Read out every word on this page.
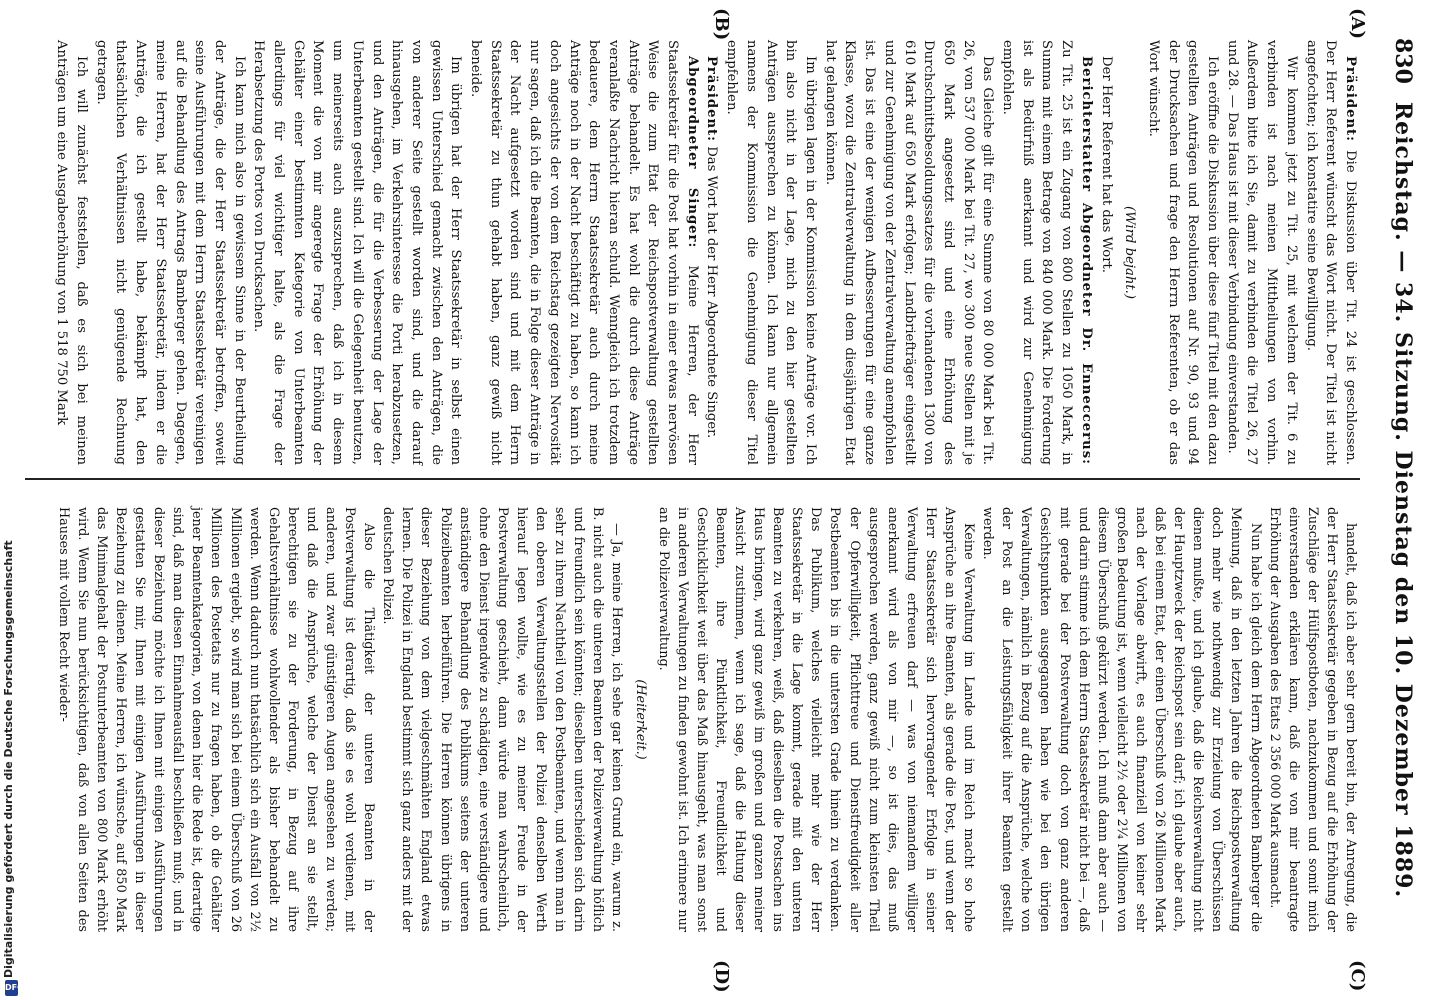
830
Reichstag. — 34. Sitzung. Dienstag den 10. Dezember 1889.
(A)
(B)
(C)
(D)

Präsident: Die Diskussion über Tit. 24 ist geschlossen. Der Herr Referent wünscht das Wort nicht. Der Titel ist nicht angefochten; ich konstatire seine Bewilligung.

Wir kommen jetzt zu Tit. 25, mit welchem der Tit. 6 zu verbinden ist nach meinen Mittheilungen von vorhin. Außerdem bitte ich Sie, damit zu verbinden die Titel 26, 27 und 28. — Das Haus ist mit dieser Verbindung einverstanden.

Ich eröffne die Diskussion über diese fünf Titel mit den dazu gestellten Anträgen und Resolutionen auf Nr. 90, 93 und 94 der Drucksachen und frage den Herrn Referenten, ob er das Wort wünscht.

(Wird bejaht.)

Der Herr Referent hat das Wort.

Berichterstatter Abgeordneter Dr. Enneccerus: Zu Tit. 25 ist ein Zugang von 800 Stellen zu 1050 Mark, in Summa mit einem Betrage von 840 000 Mark. Die Forderung ist als Bedürfniß anerkannt und wird zur Genehmigung empfohlen.

Das Gleiche gilt für eine Summe von 80 000 Mark bei Tit. 26, von 537 000 Mark bei Tit. 27, wo 300 neue Stellen mit je 650 Mark angesetzt sind und eine Erhöhung des Durchschnittsbesoldungssatzes für die vorhandenen 1300 von 610 Mark auf 650 Mark erfolgen; Landbriefträger eingestellt und zur Genehmigung von der Zentralverwaltung anempfohlen ist. Das ist eine der wenigen Aufbesserungen für eine ganze Klasse, wozu die Zentralverwaltung in dem diesjährigen Etat hat gelangen können.

Im übrigen lagen in der Kommission keine Anträge vor. Ich bin also nicht in der Lage, mich zu den hier gestellten Anträgen aussprechen zu können. Ich kann nur allgemein namens der Kommission die Genehmigung dieser Titel empfehlen.

Präsident: Das Wort hat der Herr Abgeordnete Singer.

Abgeordneter Singer: Meine Herren, der Herr Staatssekretär für die Post hat vorhin in einer etwas nervösen Weise die zum Etat der Reichspostverwaltung gestellten Anträge behandelt. Es hat wohl die durch diese Anträge veranlaßte Nachricht hieran schuld. Wenngleich ich trotzdem bedauere, dem Herrn Staatssekretär auch durch meine Anträge noch in der Nacht beschäftigt zu haben, so kann ich doch angesichts der von dem Reichstag gezeigten Nervosität nur sagen, daß ich die Beamten, die in Folge dieser Anträge in der Nacht aufgesetzt worden sind und mit dem Herrn Staatssekretär zu thun gehabt haben, ganz gewiß nicht beneide.

Im übrigen hat der Herr Staatssekretär in selbst einen gewissen Unterschied gemacht zwischen den Anträgen, die von anderer Seite gestellt worden sind, und die darauf hinausgehen, im Verkehrsinteresse die Porti herabzusetzen, und den Anträgen, die für die Verbesserung der Lage der Unterbeamten gestellt sind. Ich will die Gelegenheit benutzen, um meinerseits auch auszusprechen, daß ich in diesem Moment die von mir angeregte Frage der Erhöhung der Gehälter einer bestimmten Kategorie von Unterbeamten allerdings für viel wichtiger halte, als die Frage der Herabsetzung des Portos von Drucksachen.

Ich kann mich also in gewissem Sinne in der Beurtheilung der Anträge, die der Herr Staatssekretär betroffen, soweit seine Ausführungen mit dem Herrn Staatssekretär vereinigen auf die Behandlung des Antrags Bamberger gehen. Dagegen, meine Herren, hat der Herr Staatssekretär, indem er die Anträge, die ich gestellt habe, bekämpft hat, den thatsächlichen Verhältnissen nicht genügende Rechnung getragen.

Ich will zunächst feststellen, daß es sich bei meinen Anträgen um eine Ausgabeerhöhung von 1 518 750 Mark

handelt, daß ich aber sehr gern bereit bin, der Anregung, die der Herr Staatssekretär gegeben in Bezug auf die Erhöhung der Zuschläge der Hülfspostboten, nachzukommen und somit mich einverstanden erklären kann, daß die von mir beantragte Erhöhung der Ausgaben des Etats 2 356 000 Mark ausmacht.

Nun habe ich gleich dem Herrn Abgeordneten Bamberger die Meinung, daß in den letzten Jahren die Reichspostverwaltung doch mehr wie nothwendig zur Erzielung von Überschüssen dienen mußte, und ich glaube, daß die Reichsverwaltung nicht der Hauptzweck der Reichspost sein darf; ich glaube aber auch, daß bei einem Etat, der einen Überschuß von 26 Millionen Mark nach der Vorlage abwirft, es auch finanziell von keiner sehr großen Bedeutung ist, wenn vielleicht 2½ oder 2¼ Millionen von diesem Überschuß gekürzt werden. Ich muß dann aber auch — und darin stimme ich dem Herrn Staatssekretär nicht bei —, daß mit gerade bei der Postverwaltung doch von ganz anderen Gesichtspunkten ausgegangen haben wie bei den übrigen Verwaltungen, nämlich in Bezug auf die Ansprüche, welche von der Post an die Leistungsfähigkeit ihrer Beamten gestellt werden.

Keine Verwaltung im Lande und im Reich macht so hohe Ansprüche an ihre Beamten, als gerade die Post, und wenn der Herr Staatssekretär sich hervorragender Erfolge in seiner Verwaltung erfreuen darf — was von niemandem williger anerkannt wird als von mir —, so ist dies, das muß ausgesprochen werden, ganz gewiß nicht zum kleinsten Theil der Opferwilligkeit, Pflichttreue und Dienstfreudigkeit aller Postbeamten bis in die untersten Grade hinein zu verdanken. Das Publikum, welches vielleicht mehr wie der Herr Staatssekretär in die Lage kommt, gerade mit den unteren Beamten zu verkehren, weiß, daß dieselben die Postsachen ins Haus bringen, wird ganz gewiß im großen und ganzen meiner Ansicht zustimmen, wenn ich sage, daß die Haltung dieser Beamten, ihre Pünktlichkeit, Freundlichkeit und Geschicklichkeit weit über das Maß hinausgeht, was man sonst in anderen Verwaltungen zu finden gewohnt ist. Ich erinnere nur an die Polizeiverwaltung.

(Heiterkeit.)

— Ja, meine Herren, ich sehe gar keinen Grund ein, warum z. B. nicht auch die unteren Beamten der Polizeiverwaltung höflich und freundlich sein könnten; dieselben unterscheiden sich darin sehr zu ihrem Nachtheil von den Postbeamten, und wenn man in den oberen Verwaltungsstellen der Polizei denselben Werth hierauf legen wollte, wie es zu meiner Freude in der Postverwaltung geschieht, dann würde man wahrscheinlich, ohne den Dienst irgendwie zu schädigen, eine verständigere und anständigere Behandlung des Publikums seitens der unteren Polizeibeamten herbeiführen. Die Herren können übrigens in dieser Beziehung von dem vielgeschmähten England etwas lernen. Die Polizei in England bestimmt sich ganz anders mit der deutschen Polizei.

Also die Thätigkeit der unteren Beamten in der Postverwaltung ist derartig, daß sie es wohl verdienen, mit anderen, und zwar günstigeren Augen angesehen zu werden; und daß die Ansprüche, welche der Dienst an sie stellt, berechtigen sie zu der Forderung, in Bezug auf ihre Gehaltsverhältnisse wohlwollender als bisher behandelt zu werden. Wenn dadurch nun thatsächlich sich ein Ausfall von 2½ Millionen ergiebt, so wird man sich bei einem Überschuß von 26 Millionen des Postetats nur zu fragen haben, ob die Gehälter jener Beamtenkategorien, von denen hier die Rede ist, derartige sind, daß man diesen Einnahmeausfall beschließen muß; und in dieser Beziehung möchte ich Ihnen mit einigen Ausführungen gestatten Sie mir, Ihnen mit einigen Ausführungen in dieser Beziehung zu dienen. Meine Herren, ich wünsche, auf 850 Mark das Minimalgehalt der Postunterbeamten von 800 Mark erhöht wird. Wenn Sie nun berücksichtigen, daß von allen Seiten des Hauses mit vollem Recht wieder-

Digitalisierung gefördert durch die Deutsche Forschungsgemeinschaft
DFG
